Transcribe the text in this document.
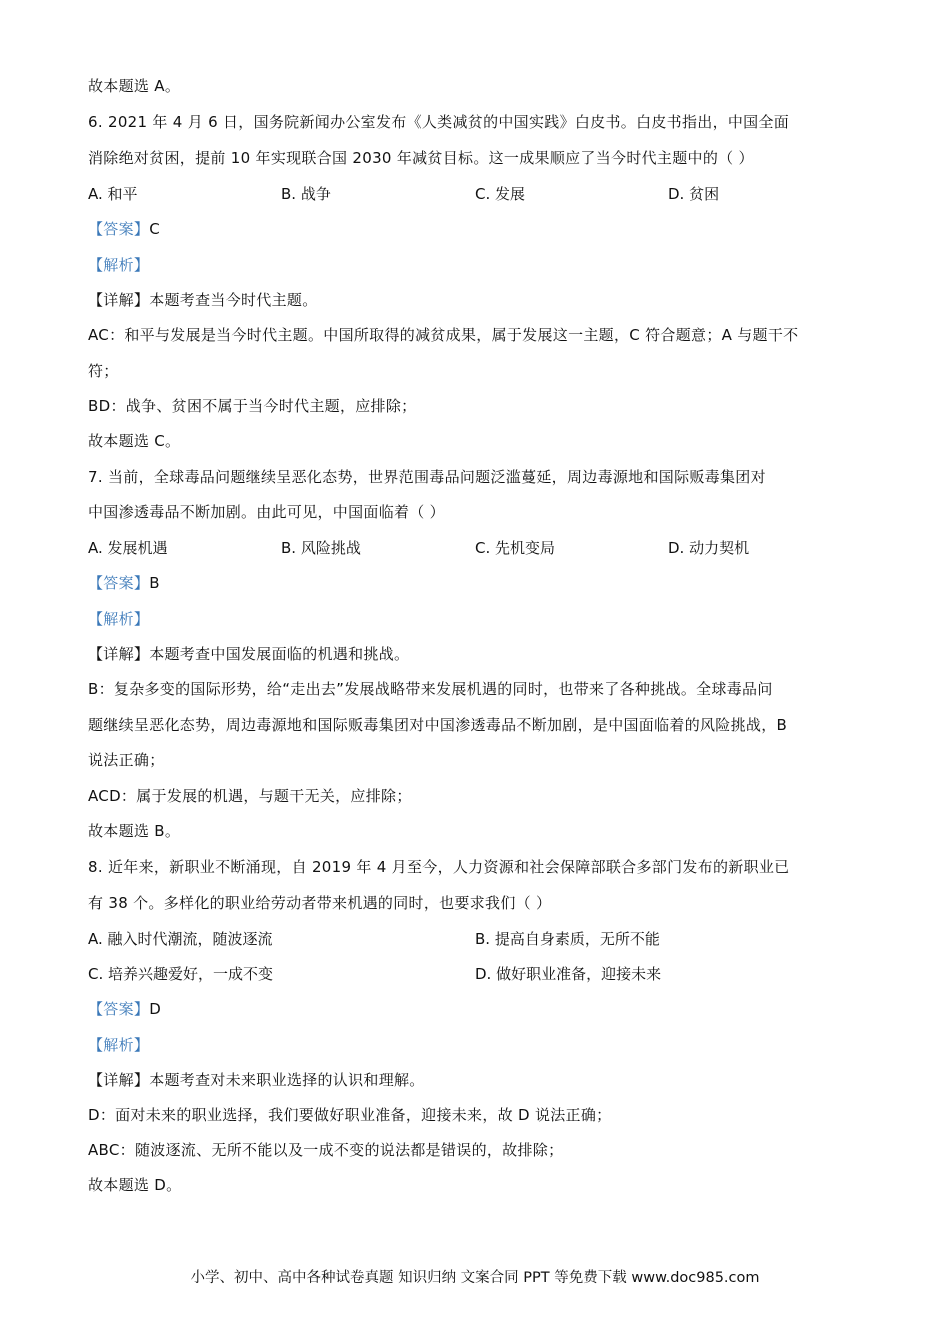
故本题选 A。
6. 2021 年 4 月 6 日，国务院新闻办公室发布《人类减贫的中国实践》白皮书。白皮书指出，中国全面
消除绝对贫困，提前 10 年实现联合国 2030 年减贫目标。这一成果顺应了当今时代主题中的（ ）
A. 和平	B. 战争	C. 发展	D. 贫困
【答案】C
【解析】
【详解】本题考查当今时代主题。
AC：和平与发展是当今时代主题。中国所取得的减贫成果，属于发展这一主题，C 符合题意；A 与题干不
符；
BD：战争、贫困不属于当今时代主题，应排除；
故本题选 C。
7. 当前，全球毒品问题继续呈恶化态势，世界范围毒品问题泛滥蔓延，周边毒源地和国际贩毒集团对
中国渗透毒品不断加剧。由此可见，中国面临着（ ）
A. 发展机遇	B. 风险挑战	C. 先机变局	D. 动力契机
【答案】B
【解析】
【详解】本题考查中国发展面临的机遇和挑战。
B：复杂多变的国际形势，给“走出去”发展战略带来发展机遇的同时，也带来了各种挑战。全球毒品问
题继续呈恶化态势，周边毒源地和国际贩毒集团对中国渗透毒品不断加剧，是中国面临着的风险挑战，B
说法正确；
ACD：属于发展的机遇，与题干无关，应排除；
故本题选 B。
8. 近年来，新职业不断涌现，自 2019 年 4 月至今，人力资源和社会保障部联合多部门发布的新职业已
有 38 个。多样化的职业给劳动者带来机遇的同时，也要求我们（ ）
A. 融入时代潮流，随波逐流	B. 提高自身素质，无所不能
C. 培养兴趣爱好，一成不变	D. 做好职业准备，迎接未来
【答案】D
【解析】
【详解】本题考查对未来职业选择的认识和理解。
D：面对未来的职业选择，我们要做好职业准备，迎接未来，故 D 说法正确；
ABC：随波逐流、无所不能以及一成不变的说法都是错误的，故排除；
故本题选 D。
小学、初中、高中各种试卷真题 知识归纳 文案合同 PPT 等免费下载 www.doc985.com
